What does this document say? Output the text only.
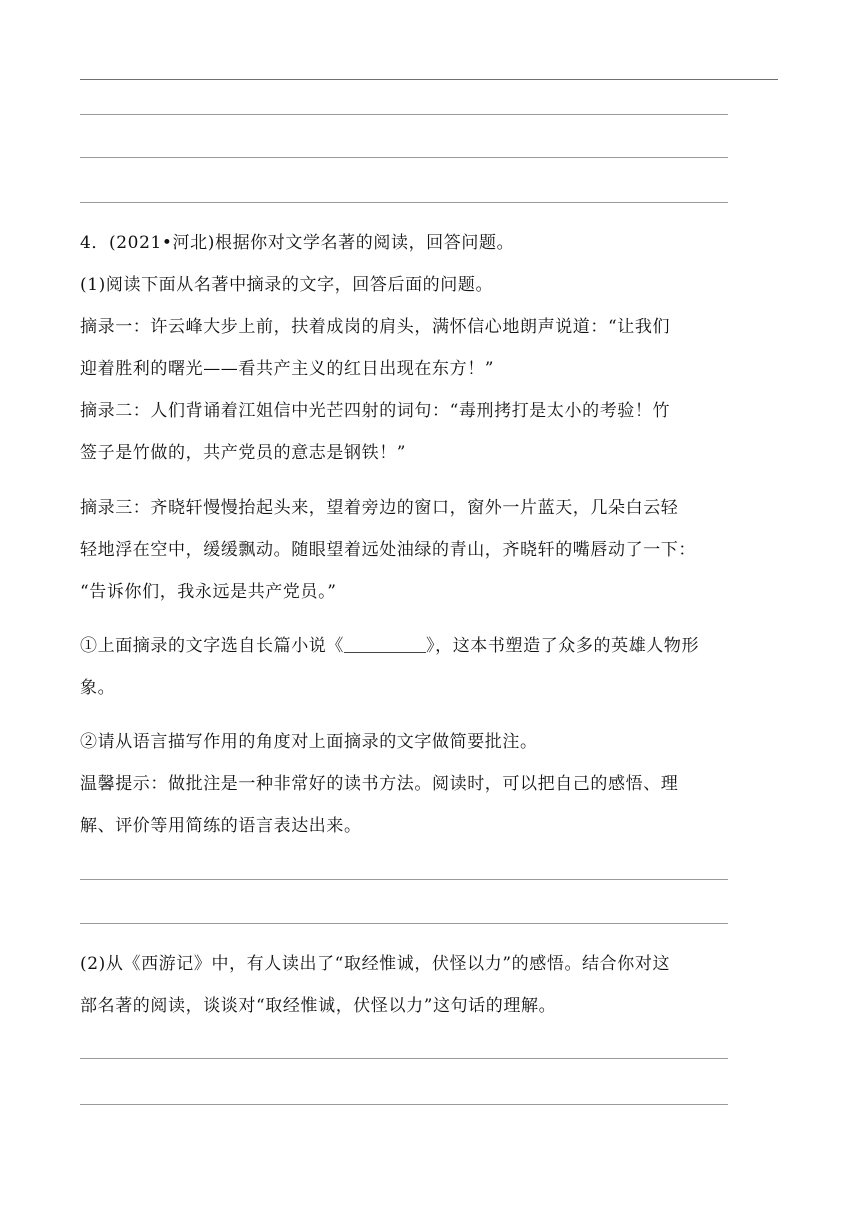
4．(2021•河北)根据你对文学名著的阅读，回答问题。
(1)阅读下面从名著中摘录的文字，回答后面的问题。
摘录一：许云峰大步上前，扶着成岗的肩头，满怀信心地朗声说道：“让我们
迎着胜利的曙光——看共产主义的红日出现在东方！”
摘录二：人们背诵着江姐信中光芒四射的词句：“毒刑拷打是太小的考验！竹
签子是竹做的，共产党员的意志是钢铁！”
摘录三：齐晓轩慢慢抬起头来，望着旁边的窗口，窗外一片蓝天，几朵白云轻
轻地浮在空中，缓缓飘动。随眼望着远处油绿的青山，齐晓轩的嘴唇动了一下：
“告诉你们，我永远是共产党员。”
①上面摘录的文字选自长篇小说《	》，这本书塑造了众多的英雄人物形
象。
②请从语言描写作用的角度对上面摘录的文字做简要批注。
温馨提示：做批注是一种非常好的读书方法。阅读时，可以把自己的感悟、理
解、评价等用简练的语言表达出来。
(2)从《西游记》中，有人读出了“取经惟诚，伏怪以力”的感悟。结合你对这
部名著的阅读，谈谈对“取经惟诚，伏怪以力”这句话的理解。
